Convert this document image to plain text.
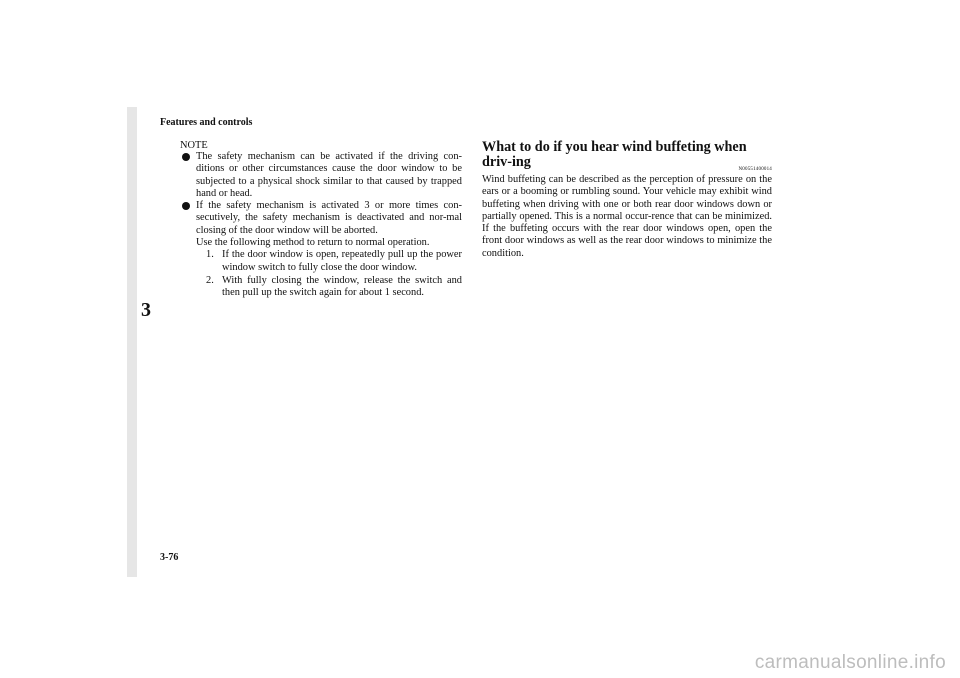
3
Features and controls
NOTE

The safety mechanism can be activated if the driving con-ditions or other circumstances cause the door window to be subjected to a physical shock similar to that caused by trapped hand or head.

If the safety mechanism is activated 3 or more times con-secutively, the safety mechanism is deactivated and nor-mal closing of the door window will be aborted.

Use the following method to return to normal operation.

1. If the door window is open, repeatedly pull up the power window switch to fully close the door window.

2. With fully closing the window, release the switch and then pull up the switch again for about 1 second.

What to do if you hear wind buffeting when driv-ing	N00551400014

Wind buffeting can be described as the perception of pressure on the ears or a booming or rumbling sound. Your vehicle may exhibit wind buffeting when driving with one or both rear door windows down or partially opened. This is a normal occur-rence that can be minimized. If the buffeting occurs with the rear door windows open, open the front door windows as well as the rear door windows to minimize the condition.

3-76
carmanualsonline.info
